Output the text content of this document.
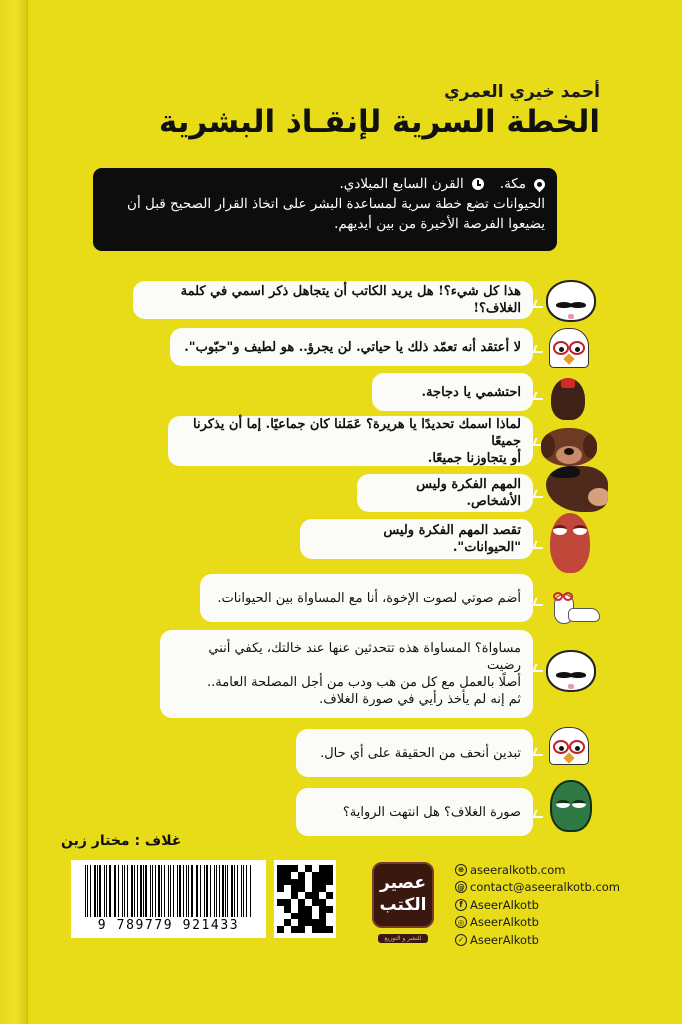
أحمد خيري العمري
الخطة السرية لإنقـاذ البشرية
مكة.
القرن السابع الميلادي.
الحيوانات تضع خطة سرية لمساعدة البشر على اتخاذ القرار الصحيح قبل أن
يضيعوا الفرصة الأخيرة من بين أيديهم.
هذا كل شيء؟! هل يريد الكاتب أن يتجاهل ذكر اسمي في كلمة الغلاف؟!
لا أعتقد أنه تعمّد ذلك يا حياتي. لن يجرؤ.. هو لطيف و"حبّوب".
احتشمي يا دجاجة.
لماذا اسمك تحديدًا يا هريرة؟ عَمَلنا كان جماعيًا. إما أن يذكرنا جميعًا
أو يتجاوزنا جميعًا.
المهم الفكرة وليس الأشخاص.
تقصد المهم الفكرة وليس "الحيوانات".
أضم صوتي لصوت الإخوة، أنا مع المساواة بين الحيوانات.
مساواة؟ المساواة هذه تتحدثين عنها عند خالتك، يكفي أنني رضيت
أصلًا بالعمل مع كل من هب ودب من أجل المصلحة العامة..
ثم إنه لم يأخذ رأيي في صورة الغلاف.
تبدين أنحف من الحقيقة على أي حال.
صورة الغلاف؟ هل انتهت الرواية؟
غلاف : مختار زين
9 789779 921433
عصير
الكتب
للنشر و التوزيع
⊕ aseeralkotb.com
@ contact@aseeralkotb.com
f AseerAlkotb
◎ AseerAlkotb
✓ AseerAlkotb
